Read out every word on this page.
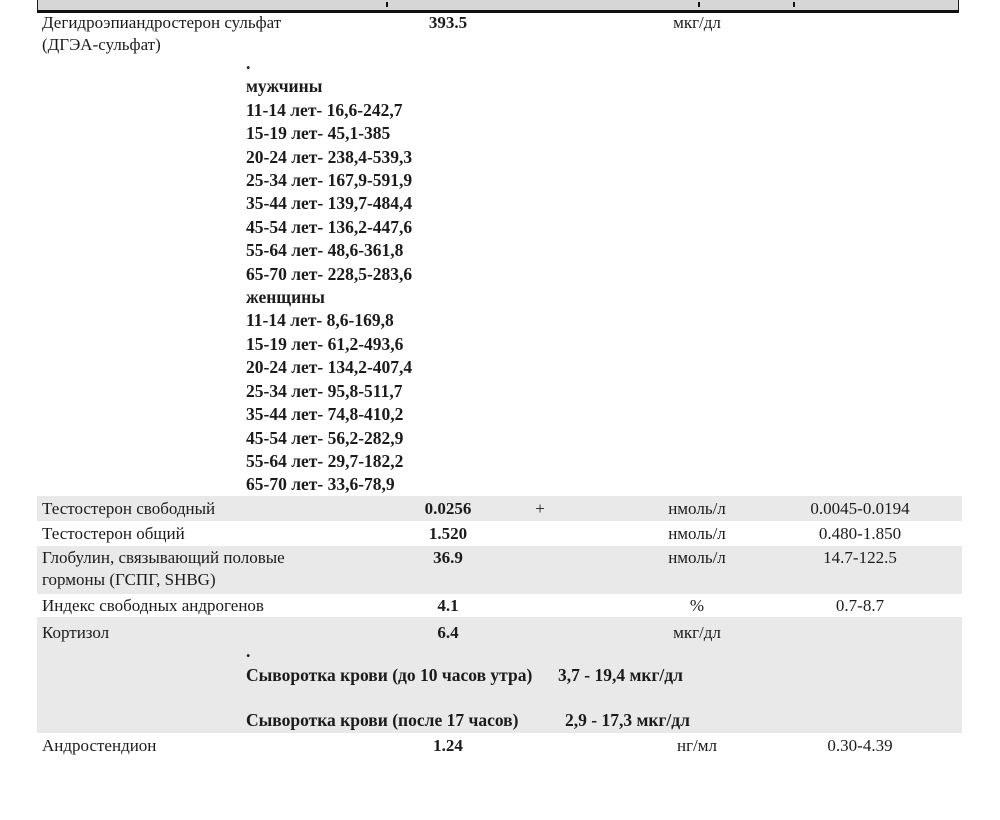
Дегидроэпиандростерон сульфат
(ДГЭА-сульфат)
393.5	мкг/дл
.
мужчины
11-14 лет- 16,6-242,7
15-19 лет- 45,1-385
20-24 лет- 238,4-539,3
25-34 лет- 167,9-591,9
35-44 лет- 139,7-484,4
45-54 лет- 136,2-447,6
55-64 лет- 48,6-361,8
65-70 лет- 228,5-283,6
женщины
11-14 лет- 8,6-169,8
15-19 лет- 61,2-493,6
20-24 лет- 134,2-407,4
25-34 лет- 95,8-511,7
35-44 лет- 74,8-410,2
45-54 лет- 56,2-282,9
55-64 лет- 29,7-182,2
65-70 лет- 33,6-78,9
Тестостерон свободный	0.0256	+	нмоль/л	0.0045-0.0194
Тестостерон общий	1.520	нмоль/л	0.480-1.850
Глобулин, связывающий половые
гормоны (ГСПГ, SHBG)
36.9	нмоль/л	14.7-122.5
Индекс свободных андрогенов	4.1	%	0.7-8.7
Кортизол	6.4	мкг/дл
.
Сыворотка крови (до 10 часов утра) 3,7 - 19,4 мкг/дл
Сыворотка крови (после 17 часов)	2,9 - 17,3 мкг/дл
Андростендион	1.24	нг/мл	0.30-4.39
